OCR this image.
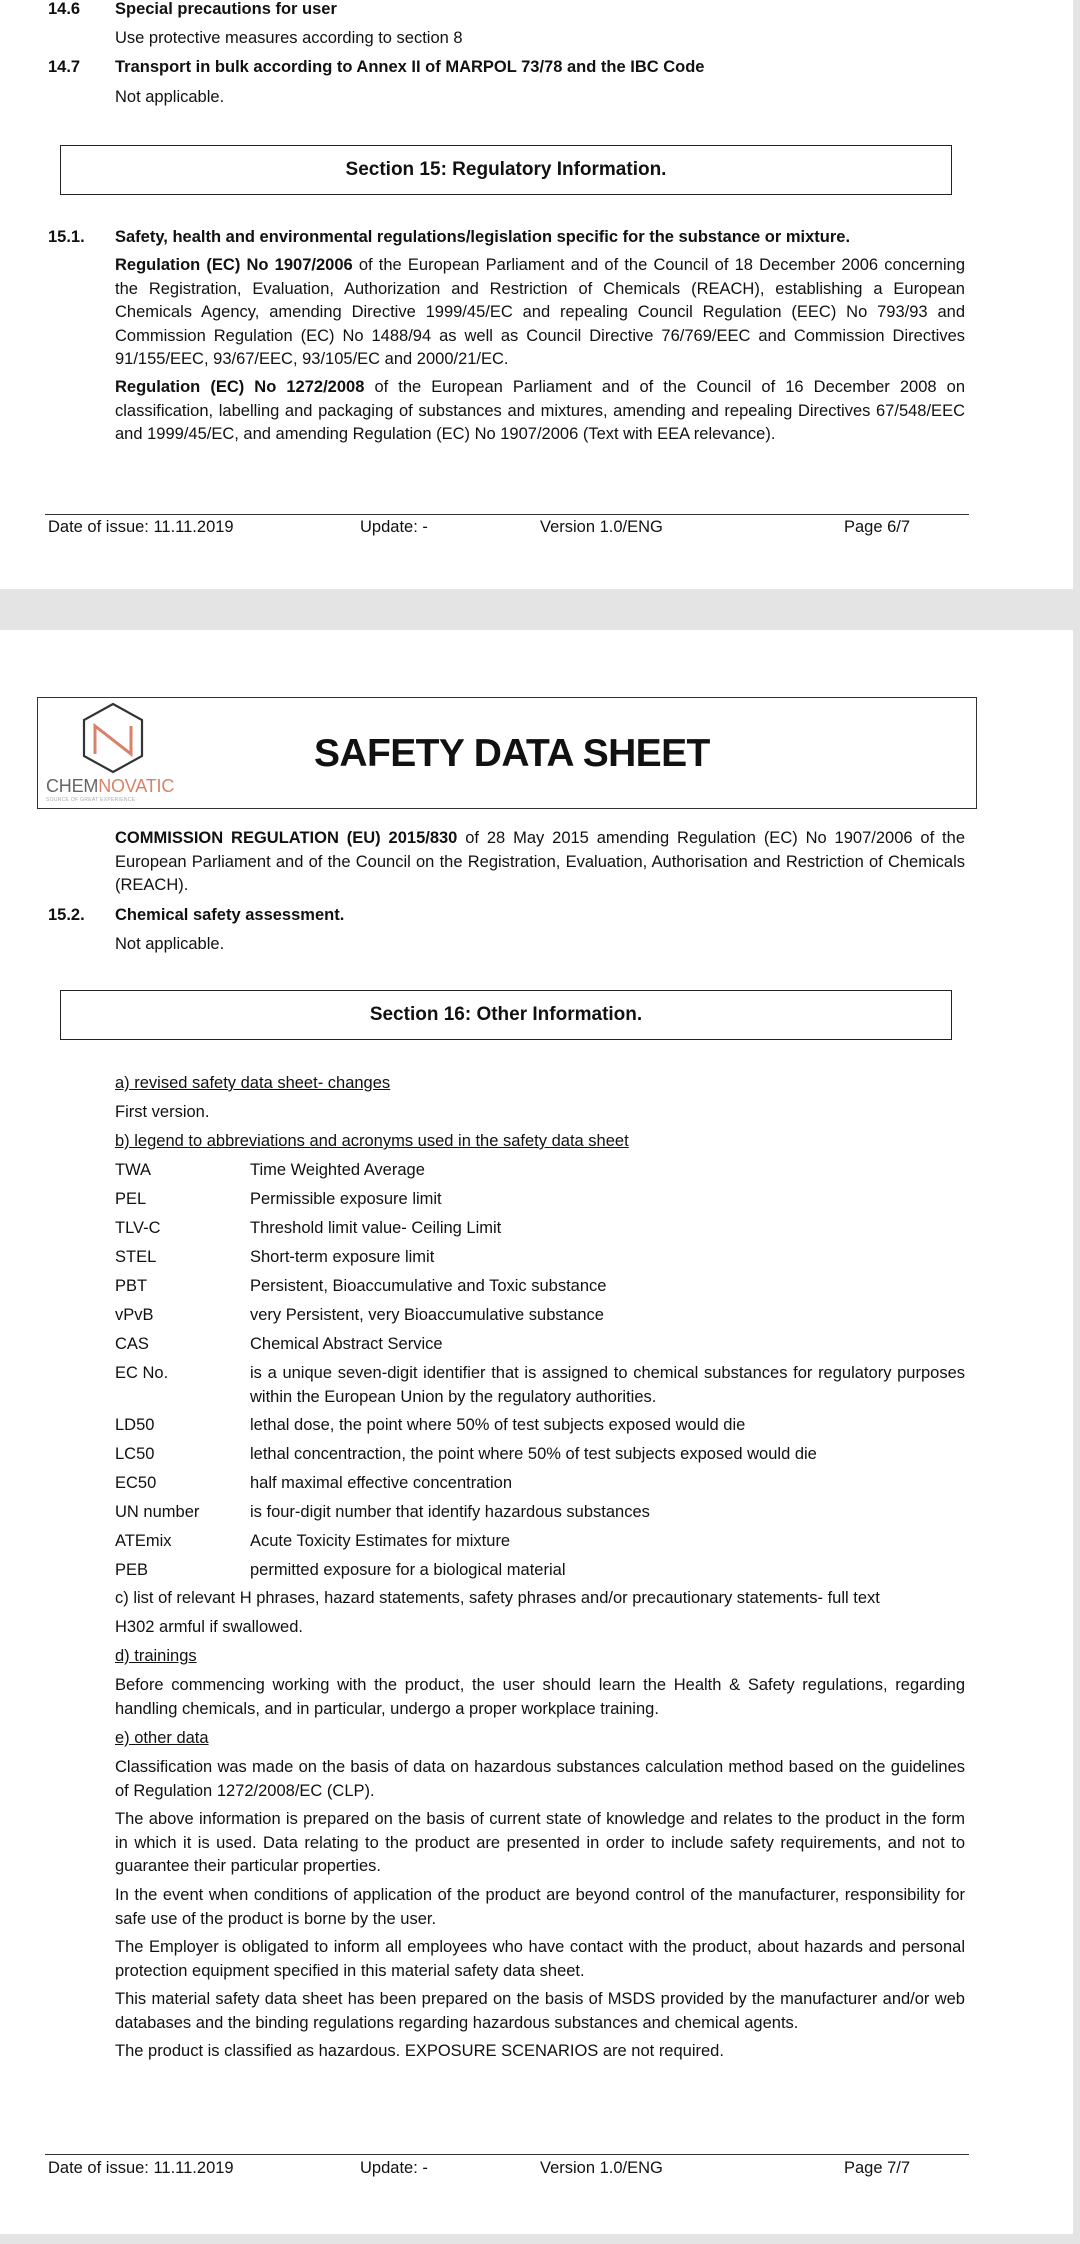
14.6 Special precautions for user
Use protective measures according to section 8
14.7 Transport in bulk according to Annex II of MARPOL 73/78 and the IBC Code
Not applicable.
Section 15: Regulatory Information.
15.1. Safety, health and environmental regulations/legislation specific for the substance or mixture.
Regulation (EC) No 1907/2006 of the European Parliament and of the Council of 18 December 2006 concerning the Registration, Evaluation, Authorization and Restriction of Chemicals (REACH), establishing a European Chemicals Agency, amending Directive 1999/45/EC and repealing Council Regulation (EEC) No 793/93 and Commission Regulation (EC) No 1488/94 as well as Council Directive 76/769/EEC and Commission Directives 91/155/EEC, 93/67/EEC, 93/105/EC and 2000/21/EC.
Regulation (EC) No 1272/2008 of the European Parliament and of the Council of 16 December 2008 on classification, labelling and packaging of substances and mixtures, amending and repealing Directives 67/548/EEC and 1999/45/EC, and amending Regulation (EC) No 1907/2006 (Text with EEA relevance).
Date of issue: 11.11.2019	Update: -	Version 1.0/ENG	Page 6/7
CHEMNOVATIC
SOURCE OF GREAT EXPERIENCE
SAFETY DATA SHEET
COMMISSION REGULATION (EU) 2015/830 of 28 May 2015 amending Regulation (EC) No 1907/2006 of the European Parliament and of the Council on the Registration, Evaluation, Authorisation and Restriction of Chemicals (REACH).
15.2. Chemical safety assessment.
Not applicable.
Section 16: Other Information.
a) revised safety data sheet- changes
First version.
b) legend to abbreviations and acronyms used in the safety data sheet
TWA	Time Weighted Average
PEL	Permissible exposure limit
TLV-C	Threshold limit value- Ceiling Limit
STEL	Short-term exposure limit
PBT	Persistent, Bioaccumulative and Toxic substance
vPvB	very Persistent, very Bioaccumulative substance
CAS	Chemical Abstract Service
EC No.	is a unique seven-digit identifier that is assigned to chemical substances for regulatory purposes within the European Union by the regulatory authorities.
LD50	lethal dose, the point where 50% of test subjects exposed would die
LC50	lethal concentraction, the point where 50% of test subjects exposed would die
EC50	half maximal effective concentration
UN number	is four-digit number that identify hazardous substances
ATEmix	Acute Toxicity Estimates for mixture
PEB	permitted exposure for a biological material
c) list of relevant H phrases, hazard statements, safety phrases and/or precautionary statements- full text
H302 armful if swallowed.
d) trainings
Before commencing working with the product, the user should learn the Health & Safety regulations, regarding handling chemicals, and in particular, undergo a proper workplace training.
e) other data
Classification was made on the basis of data on hazardous substances calculation method based on the guidelines of Regulation 1272/2008/EC (CLP).
The above information is prepared on the basis of current state of knowledge and relates to the product in the form in which it is used. Data relating to the product are presented in order to include safety requirements, and not to guarantee their particular properties.
In the event when conditions of application of the product are beyond control of the manufacturer, responsibility for safe use of the product is borne by the user.
The Employer is obligated to inform all employees who have contact with the product, about hazards and personal protection equipment specified in this material safety data sheet.
This material safety data sheet has been prepared on the basis of MSDS provided by the manufacturer and/or web databases and the binding regulations regarding hazardous substances and chemical agents.
The product is classified as hazardous. EXPOSURE SCENARIOS are not required.
Date of issue: 11.11.2019	Update: -	Version 1.0/ENG	Page 7/7
